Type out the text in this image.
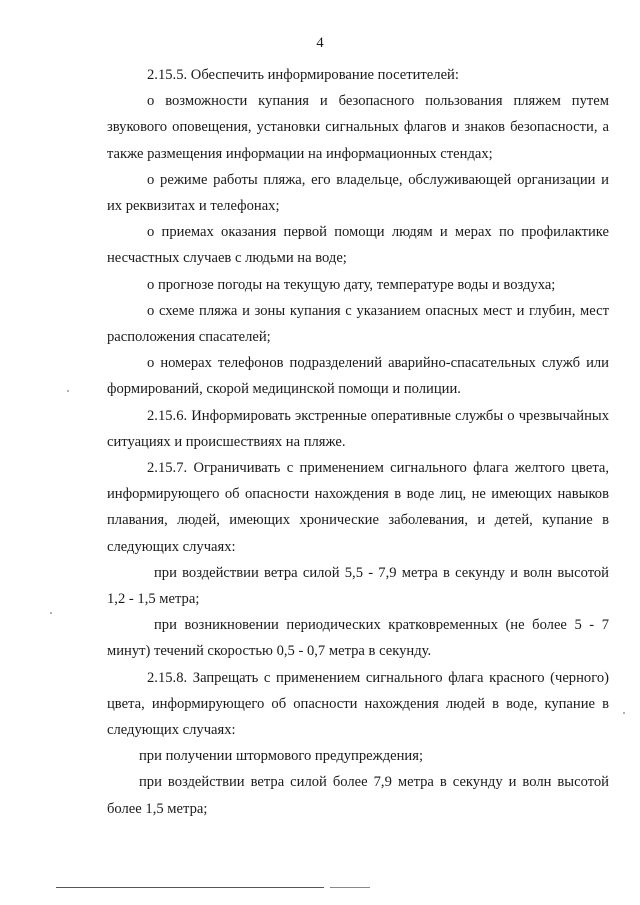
4

2.15.5. Обеспечить информирование посетителей:

о возможности купания и безопасного пользования пляжем путем звукового оповещения, установки сигнальных флагов и знаков безопасности, а также размещения информации на информационных стендах;

о режиме работы пляжа, его владельце, обслуживающей организации и их реквизитах и телефонах;

о приемах оказания первой помощи людям и мерах по профилактике несчастных случаев с людьми на воде;

о прогнозе погоды на текущую дату, температуре воды и воздуха;

о схеме пляжа и зоны купания с указанием опасных мест и глубин, мест расположения спасателей;

о номерах телефонов подразделений аварийно-спасательных служб или формирований, скорой медицинской помощи и полиции.

2.15.6. Информировать экстренные оперативные службы о чрезвычайных ситуациях и происшествиях на пляже.

2.15.7. Ограничивать с применением сигнального флага желтого цвета, информирующего об опасности нахождения в воде лиц, не имеющих навыков плавания, людей, имеющих хронические заболевания, и детей, купание в следующих случаях:

при воздействии ветра силой 5,5 - 7,9 метра в секунду и волн высотой 1,2 - 1,5 метра;

при возникновении периодических кратковременных (не более 5 - 7 минут) течений скоростью 0,5 - 0,7 метра в секунду.

2.15.8. Запрещать с применением сигнального флага красного (черного) цвета, информирующего об опасности нахождения людей в воде, купание в следующих случаях:

при получении штормового предупреждения;

при воздействии ветра силой более 7,9 метра в секунду и волн высотой более 1,5 метра;
